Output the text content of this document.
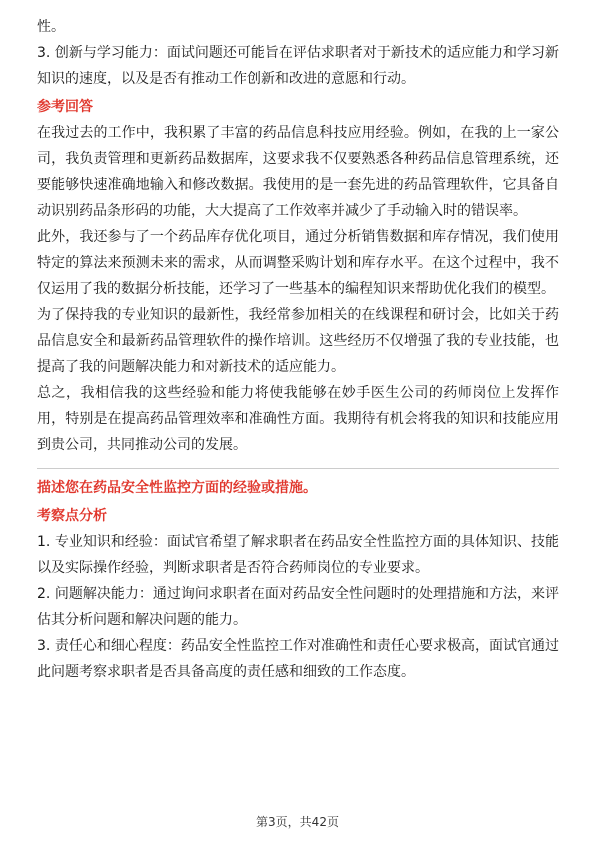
性。

3. 创新与学习能力：面试问题还可能旨在评估求职者对于新技术的适应能力和学习新知识的速度，以及是否有推动工作创新和改进的意愿和行动。

参考回答

在我过去的工作中，我积累了丰富的药品信息科技应用经验。例如，在我的上一家公司，我负责管理和更新药品数据库，这要求我不仅要熟悉各种药品信息管理系统，还要能够快速准确地输入和修改数据。我使用的是一套先进的药品管理软件，它具备自动识别药品条形码的功能，大大提高了工作效率并减少了手动输入时的错误率。

此外，我还参与了一个药品库存优化项目，通过分析销售数据和库存情况，我们使用特定的算法来预测未来的需求，从而调整采购计划和库存水平。在这个过程中，我不仅运用了我的数据分析技能，还学习了一些基本的编程知识来帮助优化我们的模型。

为了保持我的专业知识的最新性，我经常参加相关的在线课程和研讨会，比如关于药品信息安全和最新药品管理软件的操作培训。这些经历不仅增强了我的专业技能，也提高了我的问题解决能力和对新技术的适应能力。

总之，我相信我的这些经验和能力将使我能够在妙手医生公司的药师岗位上发挥作用，特别是在提高药品管理效率和准确性方面。我期待有机会将我的知识和技能应用到贵公司，共同推动公司的发展。

描述您在药品安全性监控方面的经验或措施。

考察点分析

1. 专业知识和经验：面试官希望了解求职者在药品安全性监控方面的具体知识、技能以及实际操作经验，判断求职者是否符合药师岗位的专业要求。

2. 问题解决能力：通过询问求职者在面对药品安全性问题时的处理措施和方法，来评估其分析问题和解决问题的能力。

3. 责任心和细心程度：药品安全性监控工作对准确性和责任心要求极高，面试官通过此问题考察求职者是否具备高度的责任感和细致的工作态度。

第3页，共42页
